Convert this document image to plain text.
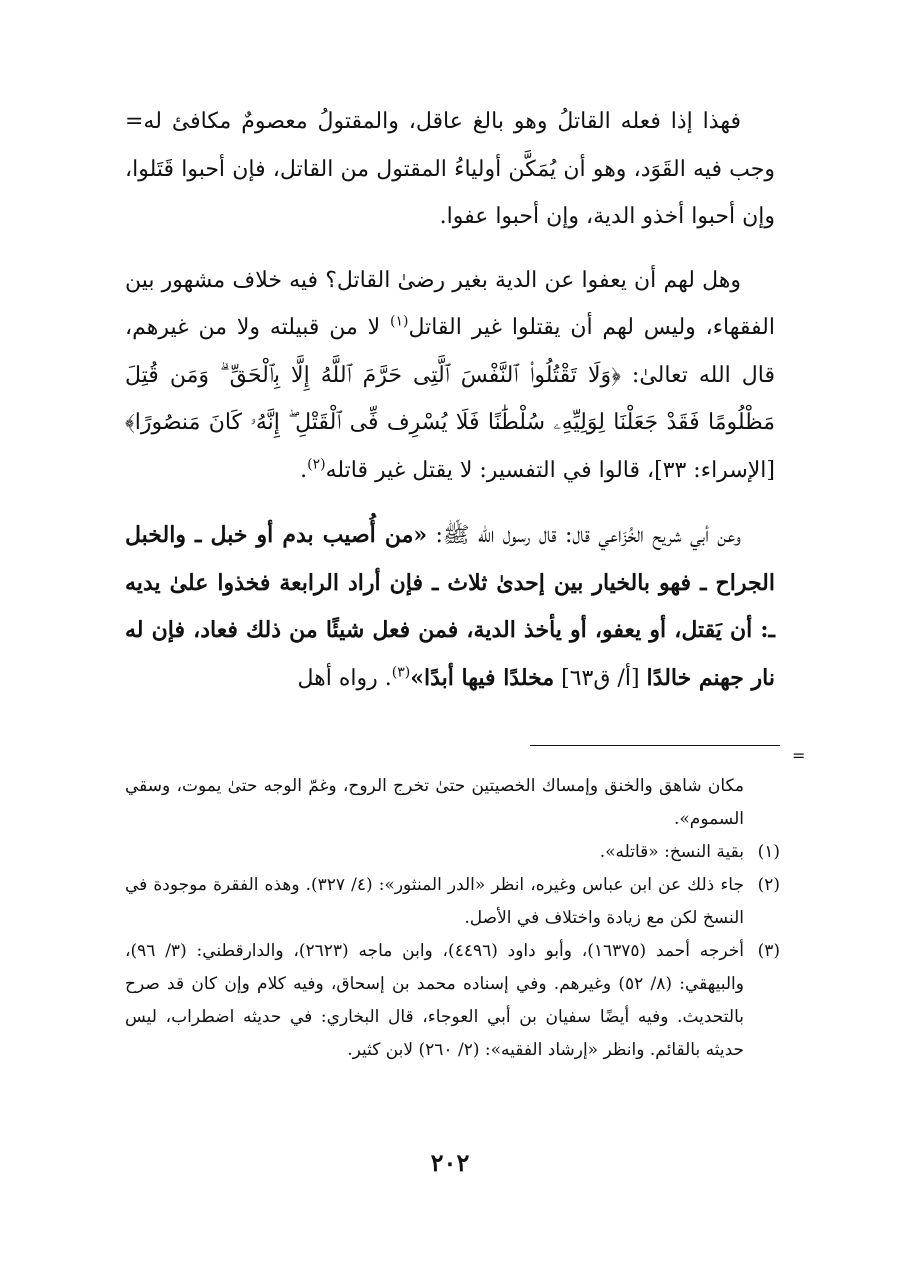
فهذا إذا فعله القاتلُ وهو بالغ عاقل، والمقتولُ معصومٌ مكافئ له= وجب فيه القَوَد، وهو أن يُمَكَّن أولياءُ المقتول من القاتل، فإن أحبوا قَتَلوا، وإن أحبوا أخذو الدية، وإن أحبوا عفوا.

وهل لهم أن يعفوا عن الدية بغير رضىٰ القاتل؟ فيه خلاف مشهور بين الفقهاء، وليس لهم أن يقتلوا غير القاتل$^{(١)}$ لا من قبيلته ولا من غيرهم، قال الله تعالىٰ: ﴿وَلَا تَقْتُلُوا۟ ٱلنَّفْسَ ٱلَّتِى حَرَّمَ ٱللَّهُ إِلَّا بِٱلْحَقِّ ۗ وَمَن قُتِلَ مَظْلُومًا فَقَدْ جَعَلْنَا لِوَلِيِّهِۦ سُلْطَٰنًا فَلَا يُسْرِف فِّى ٱلْقَتْلِ ۖ إِنَّهُۥ كَانَ مَنصُورًا﴾ [الإسراء: ٣٣]، قالوا في التفسير: لا يقتل غير قاتله$^{(٢)}$.

وعن أبي شريح الخُزَاعي قال: قال رسول الله ﷺ: «من أُصيب بدم أو خبل ـ والخبل الجراح ـ فهو بالخيار بين إحدىٰ ثلاث ـ فإن أراد الرابعة فخذوا علىٰ يديه ـ: أن يَقتل، أو يعفو، أو يأخذ الدية، فمن فعل شيئًا من ذلك فعاد، فإن له نار جهنم خالدًا [أ/ ق٦٣] مخلدًا فيها أبدًا»$^{(٣)}$. رواه أهل

=
مكان شاهق والخنق وإمساك الخصيتين حتىٰ تخرج الروح، وغمّ الوجه حتىٰ يموت، وسقي السموم».
(١)
بقية النسخ: «قاتله».
(٢)
جاء ذلك عن ابن عباس وغيره، انظر «الدر المنثور»: (٤/ ٣٢٧). وهذه الفقرة موجودة في النسخ لكن مع زيادة واختلاف في الأصل.
(٣)
أخرجه أحمد (١٦٣٧٥)، وأبو داود (٤٤٩٦)، وابن ماجه (٢٦٢٣)، والدارقطني: (٣/ ٩٦)، والبيهقي: (٨/ ٥٢) وغيرهم. وفي إسناده محمد بن إسحاق، وفيه كلام وإن كان قد صرح بالتحديث. وفيه أيضًا سفيان بن أبي العوجاء، قال البخاري: في حديثه اضطراب، ليس حديثه بالقائم. وانظر «إرشاد الفقيه»: (٢/ ٢٦٠) لابن كثير.
٢٠٢
